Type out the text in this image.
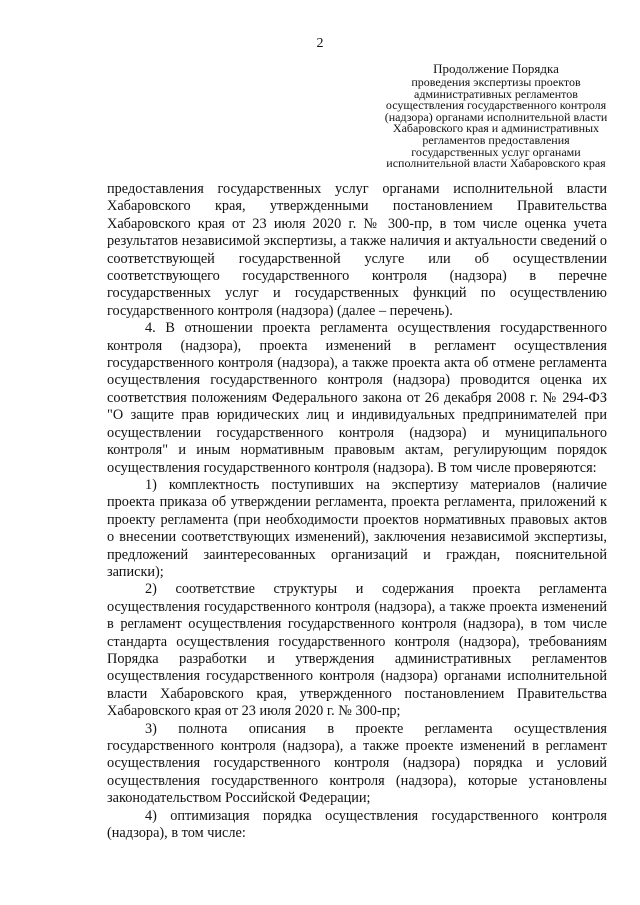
2
Продолжение Порядка
проведения экспертизы проектов административных регламентов осуществления государственного контроля (надзора) органами исполнительной власти Хабаровского края и административных регламентов предоставления государственных услуг органами исполнительной власти Хабаровского края

предоставления государственных услуг органами исполнительной власти Хабаровского края, утвержденными постановлением Правительства Хабаровского края от 23 июля 2020 г. № 300-пр, в том числе оценка учета результатов независимой экспертизы, а также наличия и актуальности сведений о соответствующей государственной услуге или об осуществлении соответствующего государственного контроля (надзора) в перечне государственных услуг и государственных функций по осуществлению государственного контроля (надзора) (далее – перечень).

4. В отношении проекта регламента осуществления государственного контроля (надзора), проекта изменений в регламент осуществления государственного контроля (надзора), а также проекта акта об отмене регламента осуществления государственного контроля (надзора) проводится оценка их соответствия положениям Федерального закона от 26 декабря 2008 г. № 294-ФЗ "О защите прав юридических лиц и индивидуальных предпринимателей при осуществлении государственного контроля (надзора) и муниципального контроля" и иным нормативным правовым актам, регулирующим порядок осуществления государственного контроля (надзора). В том числе проверяются:

1) комплектность поступивших на экспертизу материалов (наличие проекта приказа об утверждении регламента, проекта регламента, приложений к проекту регламента (при необходимости проектов нормативных правовых актов о внесении соответствующих изменений), заключения независимой экспертизы, предложений заинтересованных организаций и граждан, пояснительной записки);

2) соответствие структуры и содержания проекта регламента осуществления государственного контроля (надзора), а также проекта изменений в регламент осуществления государственного контроля (надзора), в том числе стандарта осуществления государственного контроля (надзора), требованиям Порядка разработки и утверждения административных регламентов осуществления государственного контроля (надзора) органами исполнительной власти Хабаровского края, утвержденного постановлением Правительства Хабаровского края от 23 июля 2020 г. № 300-пр;

3) полнота описания в проекте регламента осуществления государственного контроля (надзора), а также проекте изменений в регламент осуществления государственного контроля (надзора) порядка и условий осуществления государственного контроля (надзора), которые установлены законодательством Российской Федерации;

4) оптимизация порядка осуществления государственного контроля (надзора), в том числе:
